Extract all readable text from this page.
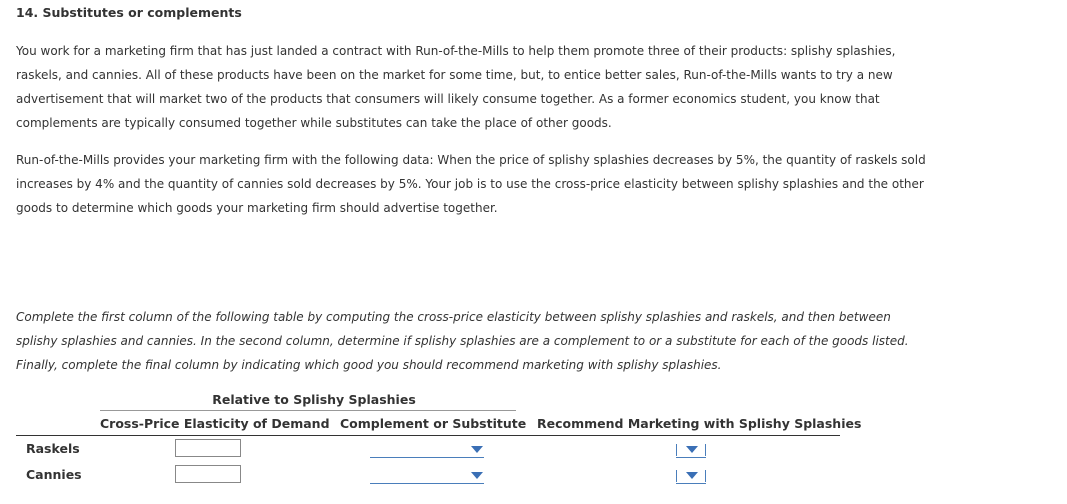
14. Substitutes or complements
You work for a marketing firm that has just landed a contract with Run-of-the-Mills to help them promote three of their products: splishy splashies, raskels, and cannies. All of these products have been on the market for some time, but, to entice better sales, Run-of-the-Mills wants to try a new advertisement that will market two of the products that consumers will likely consume together. As a former economics student, you know that complements are typically consumed together while substitutes can take the place of other goods.
Run-of-the-Mills provides your marketing firm with the following data: When the price of splishy splashies decreases by 5%, the quantity of raskels sold increases by 4% and the quantity of cannies sold decreases by 5%. Your job is to use the cross-price elasticity between splishy splashies and the other goods to determine which goods your marketing firm should advertise together.
Complete the first column of the following table by computing the cross-price elasticity between splishy splashies and raskels, and then between splishy splashies and cannies. In the second column, determine if splishy splashies are a complement to or a substitute for each of the goods listed. Finally, complete the final column by indicating which good you should recommend marketing with splishy splashies.
Relative to Splishy Splashies
Cross-Price Elasticity of Demand Complement or Substitute Recommend Marketing with Splishy Splashies
Raskels
Cannies
